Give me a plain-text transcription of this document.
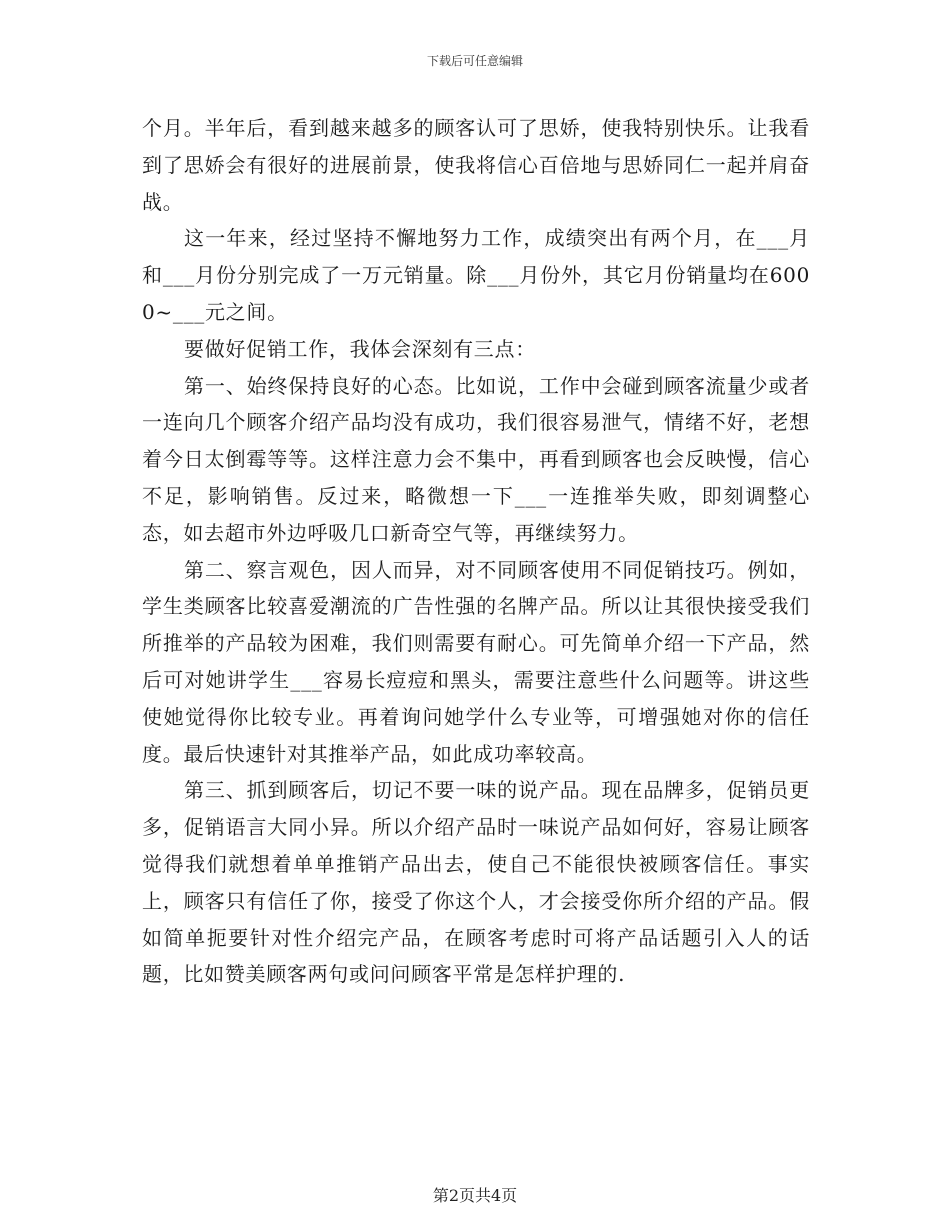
下载后可任意编辑

个月。半年后，看到越来越多的顾客认可了思娇，使我特别快乐。让我看到了思娇会有很好的进展前景，使我将信心百倍地与思娇同仁一起并肩奋战。

这一年来，经过坚持不懈地努力工作，成绩突出有两个月，在___月和___月份分别完成了一万元销量。除___月份外，其它月份销量均在6000~___元之间。

要做好促销工作，我体会深刻有三点：

第一、始终保持良好的心态。比如说，工作中会碰到顾客流量少或者一连向几个顾客介绍产品均没有成功，我们很容易泄气，情绪不好，老想着今日太倒霉等等。这样注意力会不集中，再看到顾客也会反映慢，信心不足，影响销售。反过来，略微想一下___一连推举失败，即刻调整心态，如去超市外边呼吸几口新奇空气等，再继续努力。

第二、察言观色，因人而异，对不同顾客使用不同促销技巧。例如，学生类顾客比较喜爱潮流的广告性强的名牌产品。所以让其很快接受我们所推举的产品较为困难，我们则需要有耐心。可先简单介绍一下产品，然后可对她讲学生___容易长痘痘和黑头，需要注意些什么问题等。讲这些使她觉得你比较专业。再着询问她学什么专业等，可增强她对你的信任度。最后快速针对其推举产品，如此成功率较高。

第三、抓到顾客后，切记不要一味的说产品。现在品牌多，促销员更多，促销语言大同小异。所以介绍产品时一味说产品如何好，容易让顾客觉得我们就想着单单推销产品出去，使自己不能很快被顾客信任。事实上，顾客只有信任了你，接受了你这个人，才会接受你所介绍的产品。假如简单扼要针对性介绍完产品，在顾客考虑时可将产品话题引入人的话题，比如赞美顾客两句或问问顾客平常是怎样护理的.

第2页共4页
